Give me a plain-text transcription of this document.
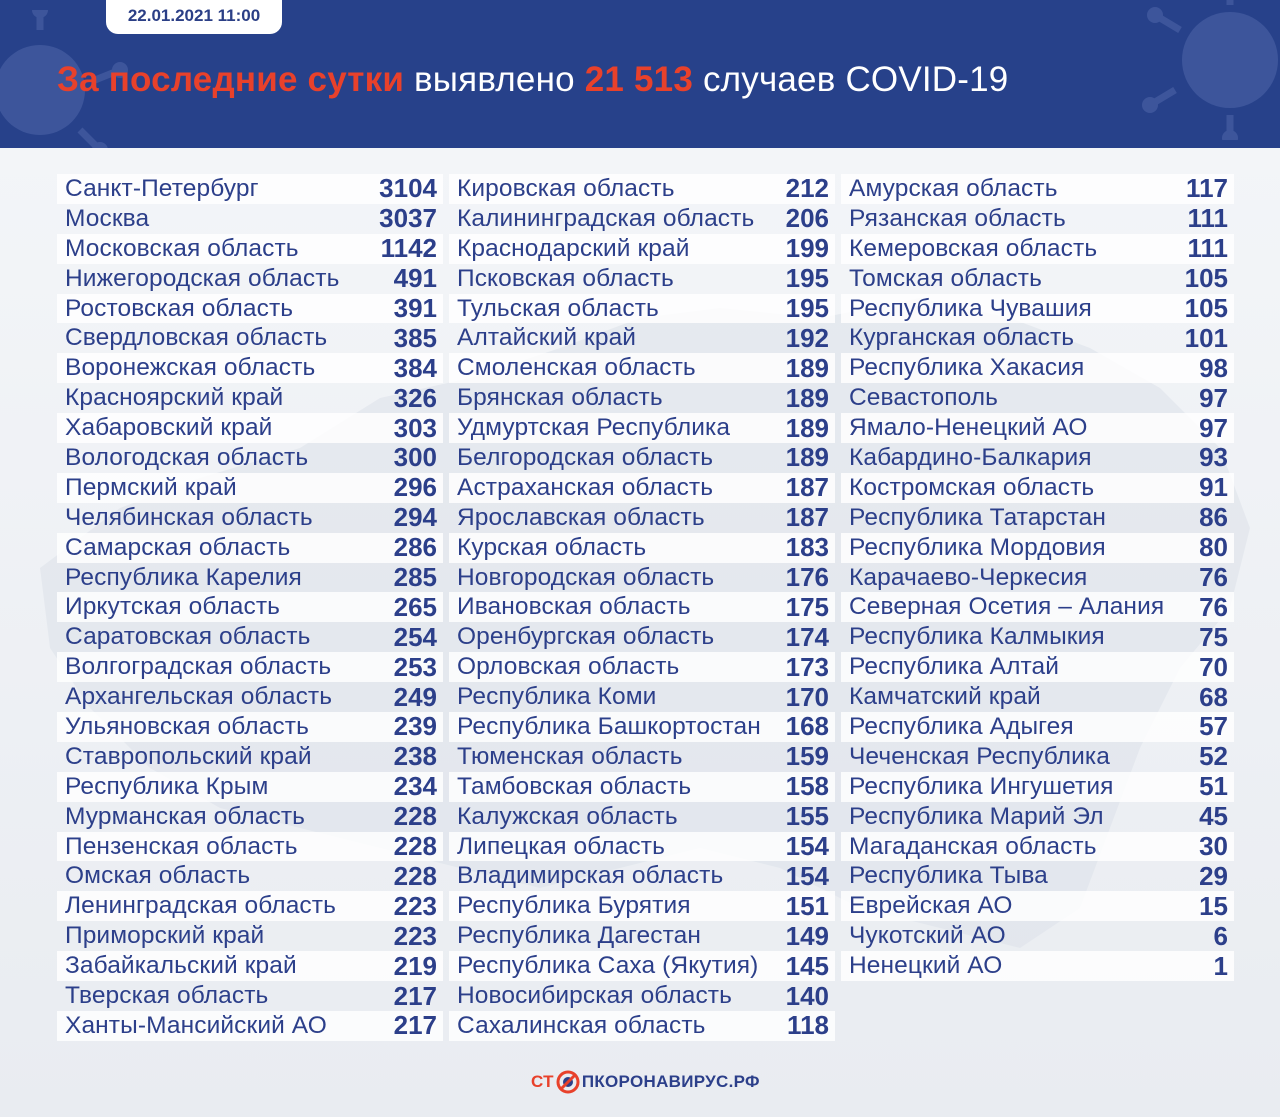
22.01.2021 11:00
За последние сутки выявлено 21 513 случаев COVID-19
Санкт-Петербург	3104
Москва	3037
Московская область	1142
Нижегородская область 491
Ростовская область	391
Свердловская область	385
Воронежская область	384
Красноярский край	326
Хабаровский край	303
Вологодская область	300
Пермский край	296
Челябинская область	294
Самарская область	286
Республика Карелия	285
Иркутская область	265
Саратовская область	254
Волгоградская область 253
Архангельская область 249
Ульяновская область	239
Ставропольский край	238
Республика Крым	234
Мурманская область	228
Пензенская область	228
Омская область	228
Ленинградская область 223
Приморский край	223
Забайкальский край	219
Тверская область	217
Ханты-Мансийский АО	217
Кировская область	212
Калининградская область 206
Краснодарский край	199
Псковская область	195
Тульская область	195
Алтайский край	192
Смоленская область	189
Брянская область	189
Удмуртская Республика 189
Белгородская область	189
Астраханская область	187
Ярославская область	187
Курская область	183
Новгородская область	176
Ивановская область	175
Оренбургская область	174
Орловская область	173
Республика Коми	170
Республика Башкортостан 168
Тюменская область	159
Тамбовская область	158
Калужская область	155
Липецкая область	154
Владимирская область 154
Республика Бурятия	151
Республика Дагестан	149
Республика Саха (Якутия) 145
Новосибирская область 140
Сахалинская область	118
Амурская область	117
Рязанская область	111
Кемеровская область	111
Томская область	105
Республика Чувашия	105
Курганская область	101
Республика Хакасия	98
Севастополь	97
Ямало-Ненецкий АО	97
Кабардино-Балкария	93
Костромская область	91
Республика Татарстан	86
Республика Мордовия	80
Карачаево-Черкесия	76
Северная Осетия – Алания 76
Республика Калмыкия	75
Республика Алтай	70
Камчатский край	68
Республика Адыгея	57
Чеченская Республика	52
Республика Ингушетия	51
Республика Марий Эл	45
Магаданская область	30
Республика Тыва	29
Еврейская АО	15
Чукотский АО	6
Ненецкий АО	1
СТ ПКОРОНАВИРУС.РФ
